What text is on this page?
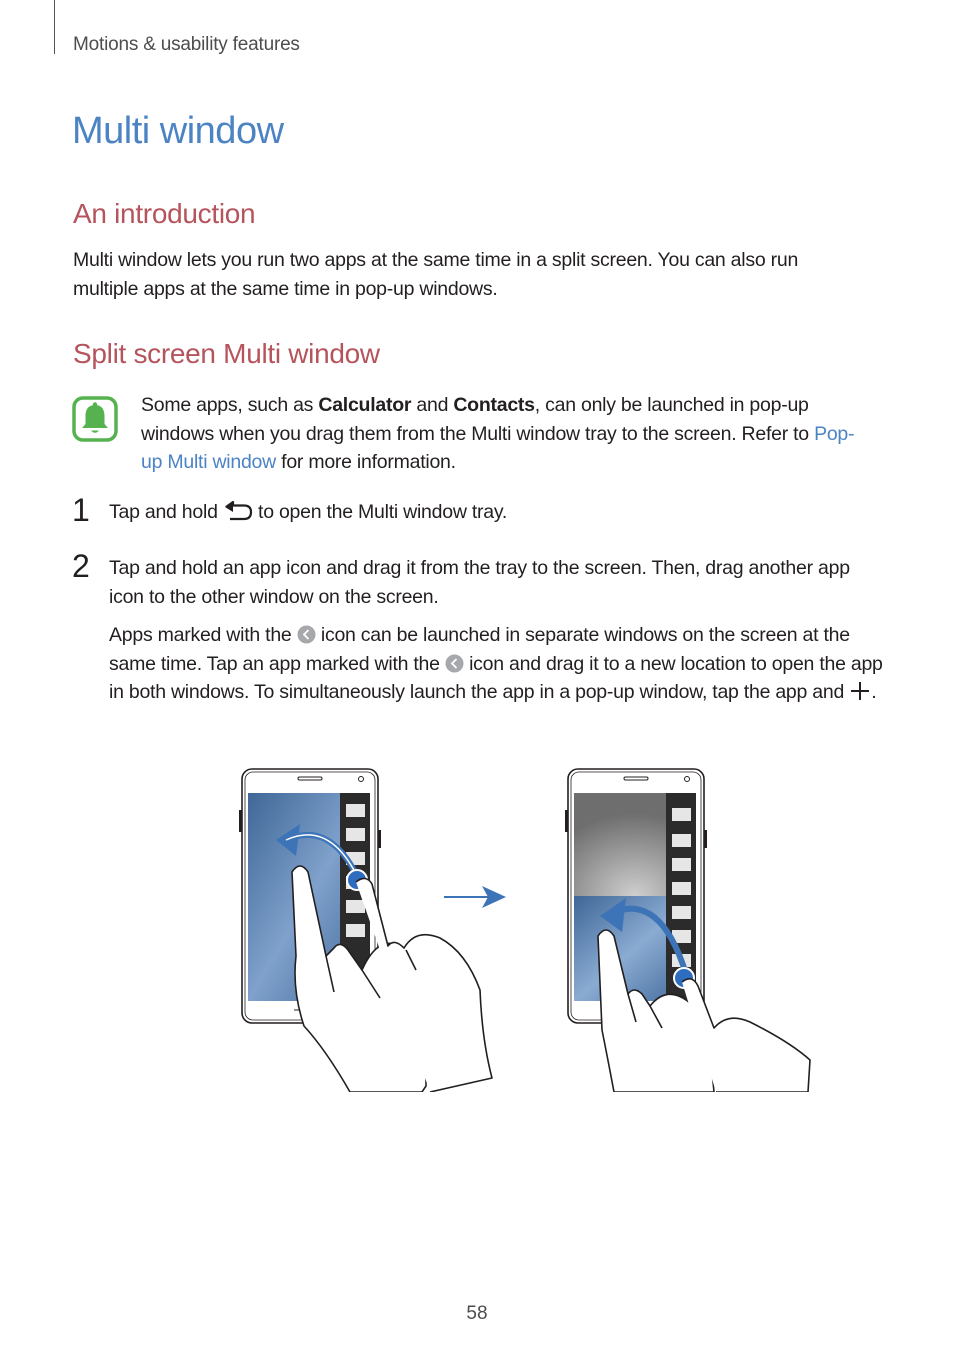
Motions & usability features
Multi window
An introduction

Multi window lets you run two apps at the same time in a split screen. You can also run multiple apps at the same time in pop-up windows.

Split screen Multi window

Some apps, such as Calculator and Contacts, can only be launched in pop-up windows when you drag them from the Multi window tray to the screen. Refer to Pop-up Multi window for more information.

1 Tap and hold  to open the Multi window tray.

2 Tap and hold an app icon and drag it from the tray to the screen. Then, drag another app icon to the other window on the screen.

Apps marked with the  icon can be launched in separate windows on the screen at the same time. Tap an app marked with the  icon and drag it to a new location to open the app in both windows. To simultaneously launch the app in a pop-up window, tap the app and .

58
